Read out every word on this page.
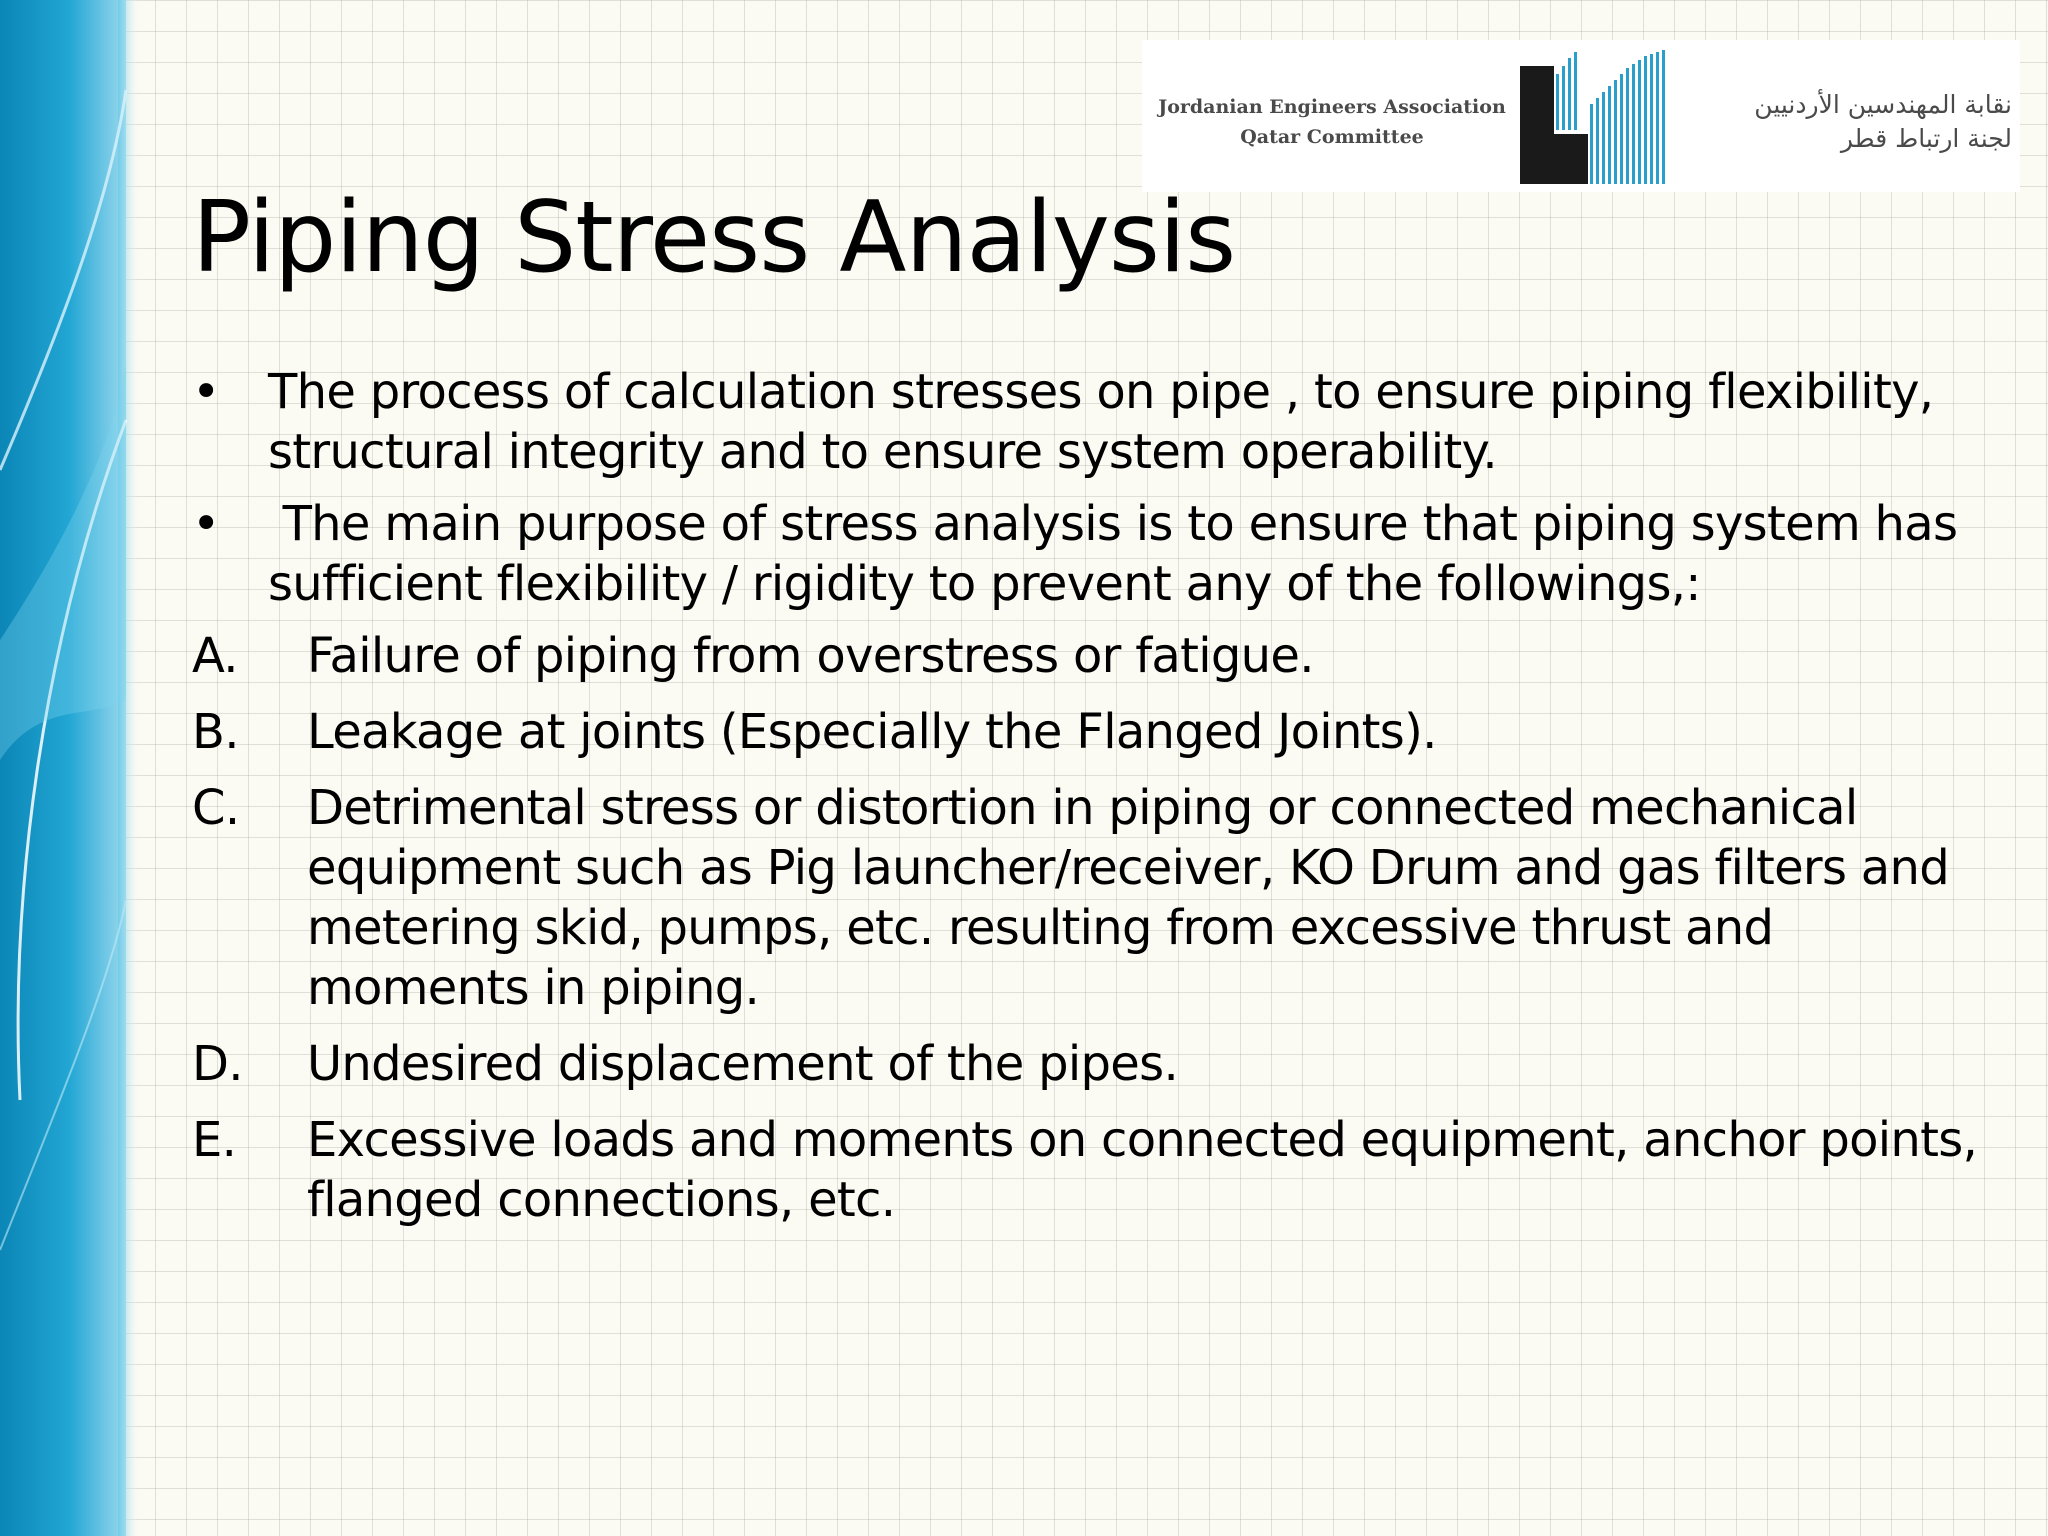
Jordanian Engineers Association
Qatar Committee
نقابة المهندسين الأردنيين
لجنة ارتباط قطر
Piping Stress Analysis
• The process of calculation stresses on pipe , to ensure piping flexibility, structural integrity and to ensure system operability.
• The main purpose of stress analysis is to ensure that piping system has sufficient flexibility / rigidity to prevent any of the followings,:
A. Failure of piping from overstress or fatigue.
B. Leakage at joints (Especially the Flanged Joints).
C. Detrimental stress or distortion in piping or connected mechanical equipment such as Pig launcher/receiver, KO Drum and gas filters and metering skid, pumps, etc. resulting from excessive thrust and moments in piping.
D. Undesired displacement of the pipes.
E. Excessive loads and moments on connected equipment, anchor points, flanged connections, etc.
